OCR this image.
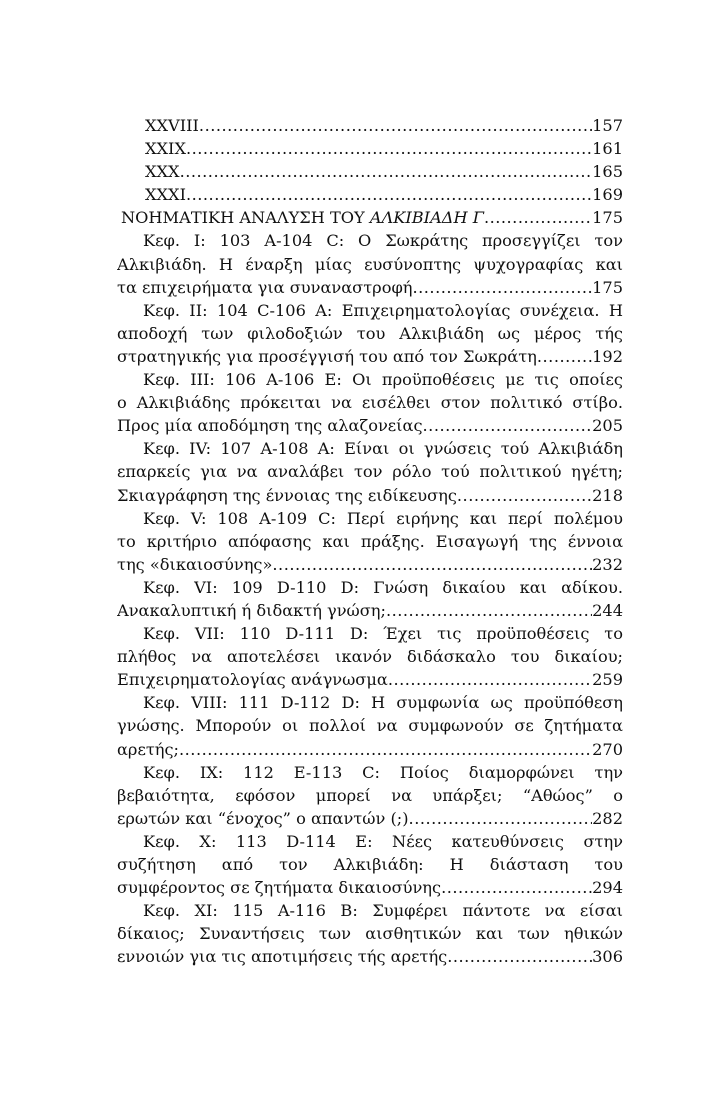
XXVIII .....	157
XXIX .....	161
XXX .....	165
XXXI .....	169
ΝΟΗΜΑΤΙΚΗ ΑΝΑΛΥΣΗ ΤΟΥ ΑΛΚΙΒΙΑΔΗ Γ .....	175
Κεφ. I: 103 A-104 C: Ο Σωκράτης προσεγγίζει τον
Αλκιβιάδη. Η έναρξη μίας ευσύνοπτης ψυχογραφίας και
τα επιχειρήματα για συναναστροφή .....	175
Κεφ. II: 104 C-106 A: Επιχειρηματολογίας συνέχεια. Η
αποδοχή των φιλοδοξιών του Αλκιβιάδη ως μέρος τής
στρατηγικής για προσέγγισή του από τον Σωκράτη .....	192
Κεφ. III: 106 A-106 E: Οι προϋποθέσεις με τις οποίες
ο Αλκιβιάδης πρόκειται να εισέλθει στον πολιτικό στίβο.
Προς μία αποδόμηση της αλαζονείας .....	205
Κεφ. IV: 107 A-108 A: Είναι οι γνώσεις τού Αλκιβιάδη
επαρκείς για να αναλάβει τον ρόλο τού πολιτικού ηγέτη;
Σκιαγράφηση της έννοιας της ειδίκευσης .....	218
Κεφ. V: 108 A-109 C: Περί ειρήνης και περί πολέμου
το κριτήριο απόφασης και πράξης. Εισαγωγή της έννοια
της «δικαιοσύνης» .....	232
Κεφ. VI: 109 D-110 D: Γνώση δικαίου και αδίκου.
Ανακαλυπτική ή διδακτή γνώση; .....	244
Κεφ. VII: 110 D-111 D: Έχει τις προϋποθέσεις το
πλήθος να αποτελέσει ικανόν διδάσκαλο του δικαίου;
Επιχειρηματολογίας ανάγνωσμα .....	259
Κεφ. VIII: 111 D-112 D: Η συμφωνία ως προϋπόθεση
γνώσης. Μπορούν οι πολλοί να συμφωνούν σε ζητήματα
αρετής; .....	270
Κεφ. IX: 112 E-113 C: Ποίος διαμορφώνει την
βεβαιότητα, εφόσον μπορεί να υπάρξει; “Αθώος” ο
ερωτών και “ένοχος” ο απαντών (;) .....	282
Κεφ. X: 113 D-114 E: Νέες κατευθύνσεις στην
συζήτηση από τον Αλκιβιάδη: Η διάσταση του
συμφέροντος σε ζητήματα δικαιοσύνης .....	294
Κεφ. XI: 115 A-116 B: Συμφέρει πάντοτε να είσαι
δίκαιος; Συναντήσεις των αισθητικών και των ηθικών
εννοιών για τις αποτιμήσεις τής αρετής .....	306
